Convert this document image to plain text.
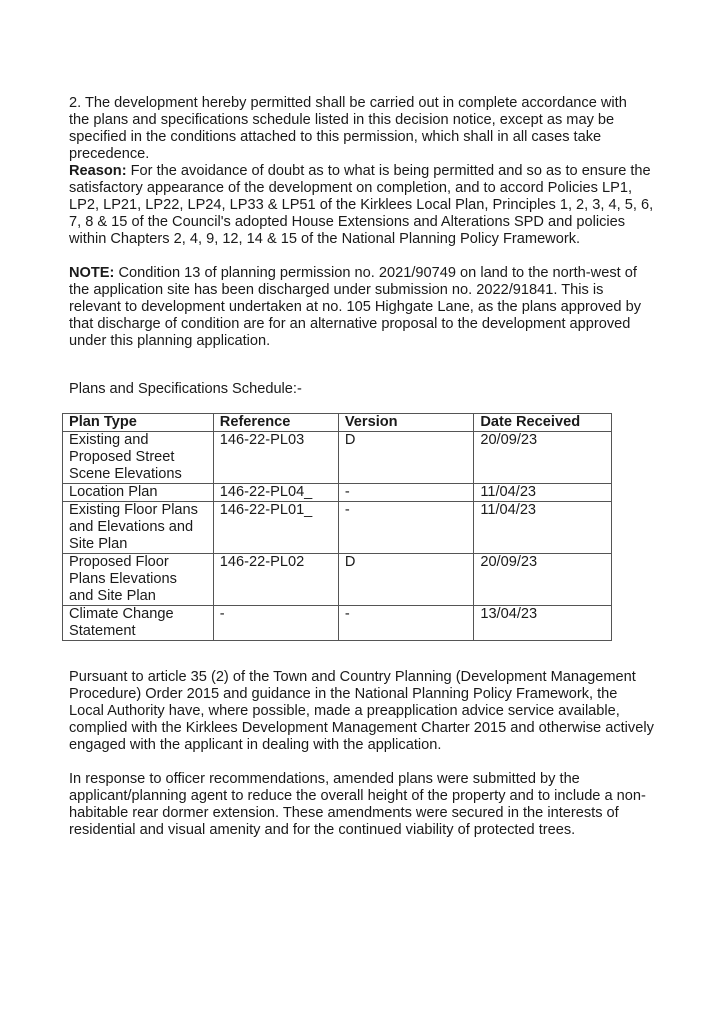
2. The development hereby permitted shall be carried out in complete accordance with
the plans and specifications schedule listed in this decision notice, except as may be
specified in the conditions attached to this permission, which shall in all cases take
precedence.

Reason: For the avoidance of doubt as to what is being permitted and so as to ensure the
satisfactory appearance of the development on completion, and to accord Policies LP1,
LP2, LP21, LP22, LP24, LP33 & LP51 of the Kirklees Local Plan, Principles 1, 2, 3, 4, 5, 6,
7, 8 & 15 of the Council's adopted House Extensions and Alterations SPD and policies
within Chapters 2, 4, 9, 12, 14 & 15 of the National Planning Policy Framework.

NOTE: Condition 13 of planning permission no. 2021/90749 on land to the north-west of
the application site has been discharged under submission no. 2022/91841. This is
relevant to development undertaken at no. 105 Highgate Lane, as the plans approved by
that discharge of condition are for an alternative proposal to the development approved
under this planning application.

Plans and Specifications Schedule:-
Plan Type	Reference	Version	Date Received

Existing and
Proposed Street
Scene Elevations	146-22-PL03	D	20/09/23

Location Plan	146-22-PL04_	-	11/04/23

Existing Floor Plans
and Elevations and
Site Plan	146-22-PL01_	-	11/04/23

Proposed Floor
Plans Elevations
and Site Plan	146-22-PL02	D	20/09/23

Climate Change
Statement	-	-	13/04/23

Pursuant to article 35 (2) of the Town and Country Planning (Development Management
Procedure) Order 2015 and guidance in the National Planning Policy Framework, the
Local Authority have, where possible, made a preapplication advice service available,
complied with the Kirklees Development Management Charter 2015 and otherwise actively
engaged with the applicant in dealing with the application.

In response to officer recommendations, amended plans were submitted by the
applicant/planning agent to reduce the overall height of the property and to include a non-
habitable rear dormer extension. These amendments were secured in the interests of
residential and visual amenity and for the continued viability of protected trees.
